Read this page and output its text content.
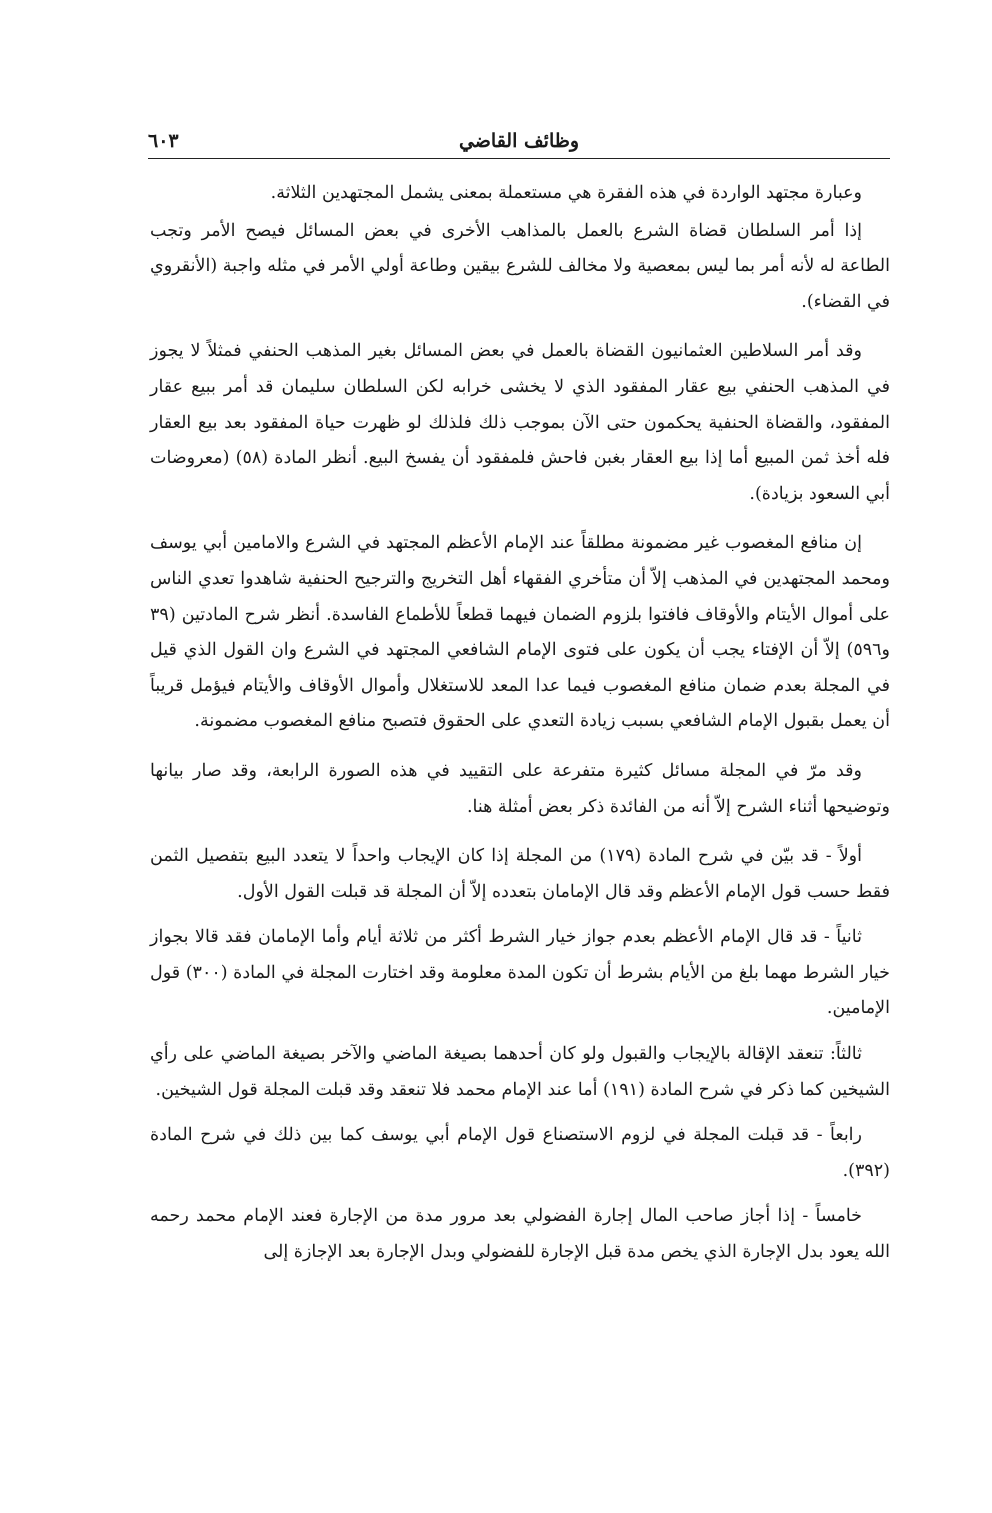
وظائف القاضي
٦٠٣

وعبارة مجتهد الواردة في هذه الفقرة هي مستعملة بمعنى يشمل المجتهدين الثلاثة.

إذا أمر السلطان قضاة الشرع بالعمل بالمذاهب الأخرى في بعض المسائل فيصح الأمر وتجب الطاعة له لأنه أمر بما ليس بمعصية ولا مخالف للشرع بيقين وطاعة أولي الأمر في مثله واجبة (الأنقروي في القضاء).

وقد أمر السلاطين العثمانيون القضاة بالعمل في بعض المسائل بغير المذهب الحنفي فمثلاً لا يجوز في المذهب الحنفي بيع عقار المفقود الذي لا يخشى خرابه لكن السلطان سليمان قد أمر ببيع عقار المفقود، والقضاة الحنفية يحكمون حتى الآن بموجب ذلك فلذلك لو ظهرت حياة المفقود بعد بيع العقار فله أخذ ثمن المبيع أما إذا بيع العقار بغبن فاحش فلمفقود أن يفسخ البيع. أنظر المادة (٥٨) (معروضات أبي السعود بزيادة).

إن منافع المغصوب غير مضمونة مطلقاً عند الإمام الأعظم المجتهد في الشرع والامامين أبي يوسف ومحمد المجتهدين في المذهب إلاّ أن متأخري الفقهاء أهل التخريج والترجيح الحنفية شاهدوا تعدي الناس على أموال الأيتام والأوقاف فافتوا بلزوم الضمان فيهما قطعاً للأطماع الفاسدة. أنظر شرح المادتين (٣٩ و٥٩٦) إلاّ أن الإفتاء يجب أن يكون على فتوى الإمام الشافعي المجتهد في الشرع وان القول الذي قيل في المجلة بعدم ضمان منافع المغصوب فيما عدا المعد للاستغلال وأموال الأوقاف والأيتام فيؤمل قريباً أن يعمل بقبول الإمام الشافعي بسبب زيادة التعدي على الحقوق فتصبح منافع المغصوب مضمونة.

وقد مرّ في المجلة مسائل كثيرة متفرعة على التقييد في هذه الصورة الرابعة، وقد صار بيانها وتوضيحها أثناء الشرح إلاّ أنه من الفائدة ذكر بعض أمثلة هنا.

أولاً - قد بيّن في شرح المادة (١٧٩) من المجلة إذا كان الإيجاب واحداً لا يتعدد البيع بتفصيل الثمن فقط حسب قول الإمام الأعظم وقد قال الإمامان بتعدده إلاّ أن المجلة قد قبلت القول الأول.

ثانياً - قد قال الإمام الأعظم بعدم جواز خيار الشرط أكثر من ثلاثة أيام وأما الإمامان فقد قالا بجواز خيار الشرط مهما بلغ من الأيام بشرط أن تكون المدة معلومة وقد اختارت المجلة في المادة (٣٠٠) قول الإمامين.

ثالثاً: تنعقد الإقالة بالإيجاب والقبول ولو كان أحدهما بصيغة الماضي والآخر بصيغة الماضي على رأي الشيخين كما ذكر في شرح المادة (١٩١) أما عند الإمام محمد فلا تنعقد وقد قبلت المجلة قول الشيخين.

رابعاً - قد قبلت المجلة في لزوم الاستصناع قول الإمام أبي يوسف كما بين ذلك في شرح المادة (٣٩٢).

خامساً - إذا أجاز صاحب المال إجارة الفضولي بعد مرور مدة من الإجارة فعند الإمام محمد رحمه الله يعود بدل الإجارة الذي يخص مدة قبل الإجارة للفضولي وبدل الإجارة بعد الإجازة إلى
